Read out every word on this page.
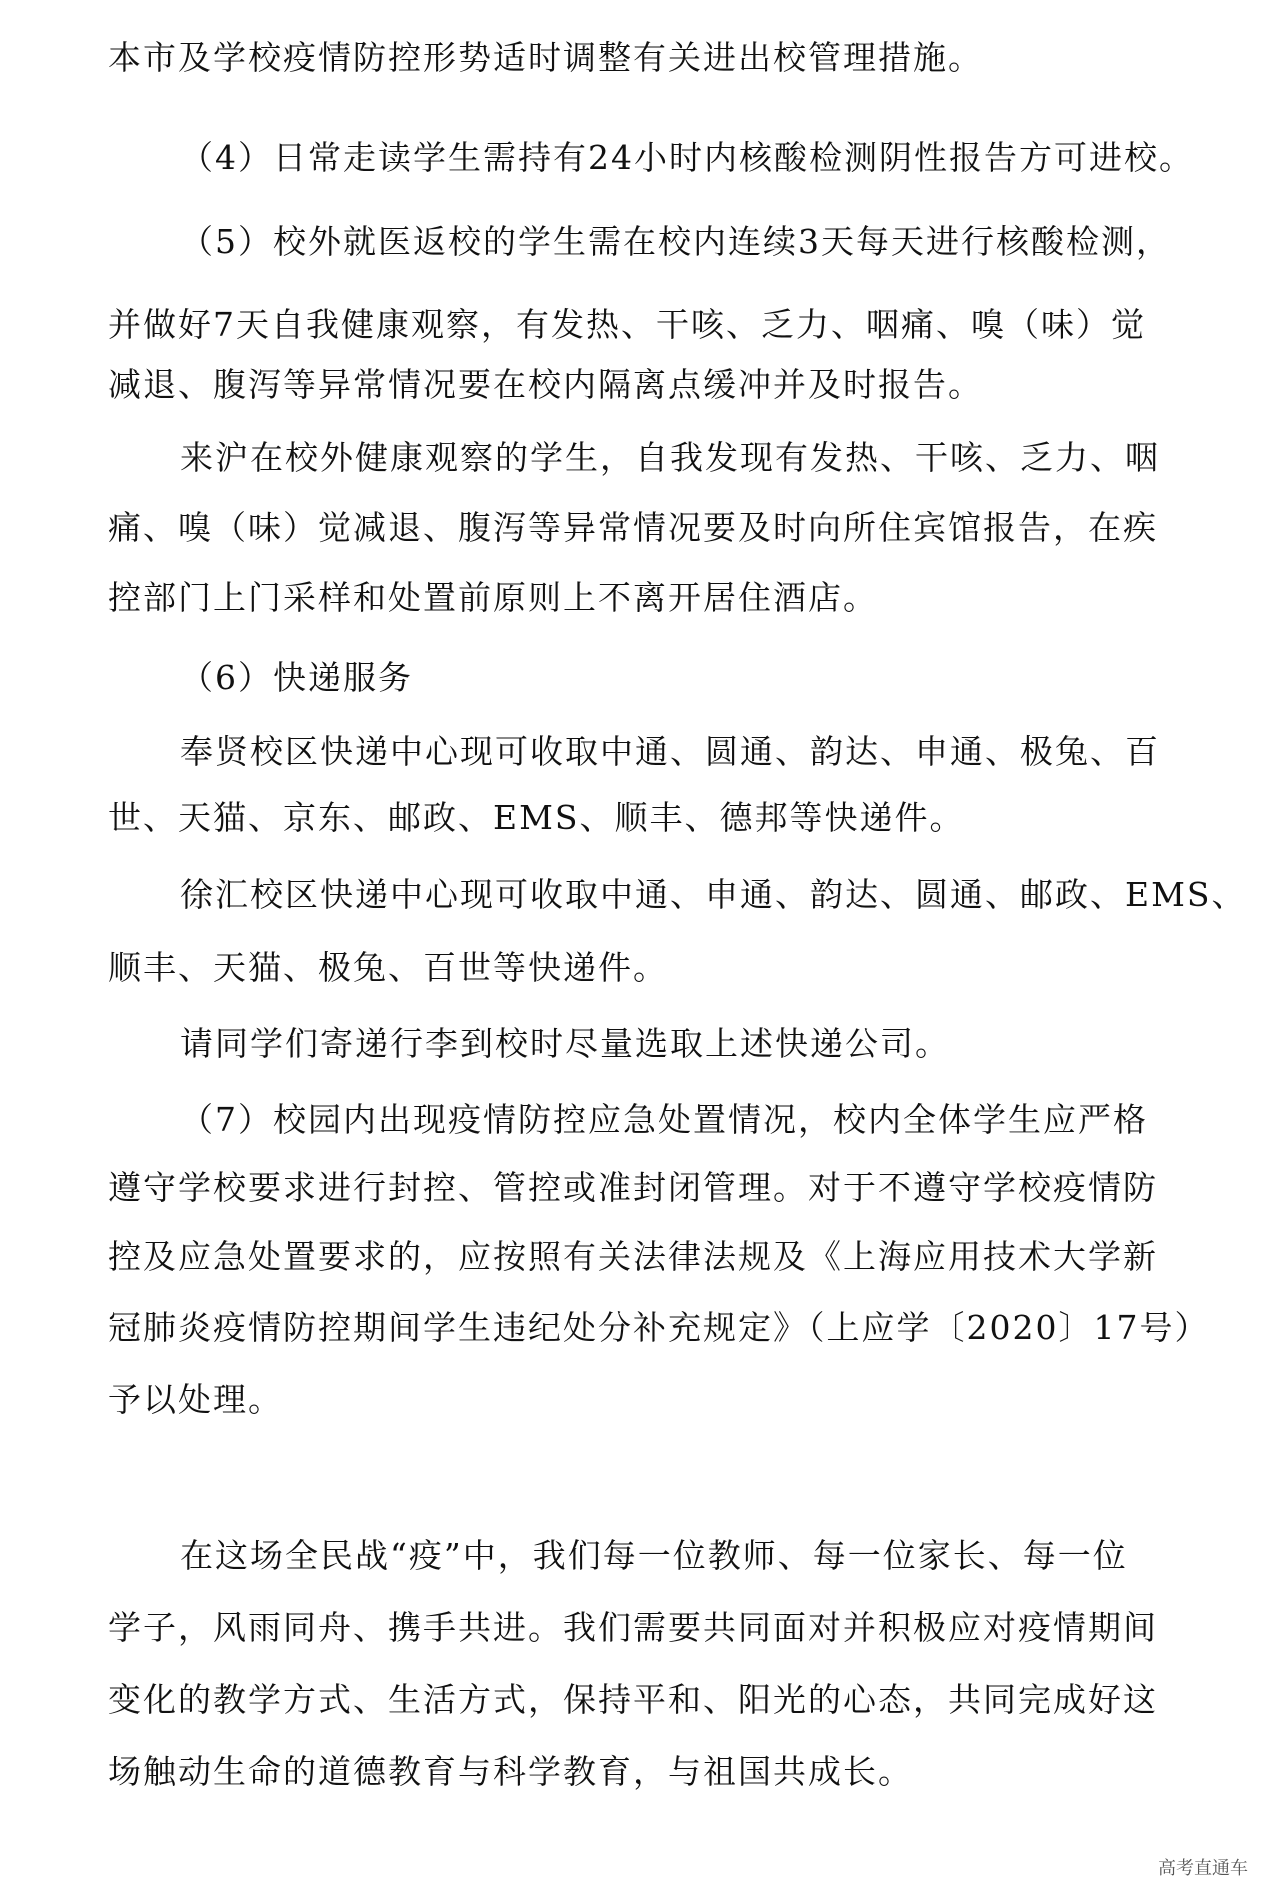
本市及学校疫情防控形势适时调整有关进出校管理措施。
（4）日常走读学生需持有24小时内核酸检测阴性报告方可进校。
（5）校外就医返校的学生需在校内连续3天每天进行核酸检测，
并做好7天自我健康观察，有发热、干咳、乏力、咽痛、嗅（味）觉
减退、腹泻等异常情况要在校内隔离点缓冲并及时报告。
来沪在校外健康观察的学生，自我发现有发热、干咳、乏力、咽
痛、嗅（味）觉减退、腹泻等异常情况要及时向所住宾馆报告，在疾
控部门上门采样和处置前原则上不离开居住酒店。
（6）快递服务
奉贤校区快递中心现可收取中通、圆通、韵达、申通、极兔、百
世、天猫、京东、邮政、EMS、顺丰、德邦等快递件。
徐汇校区快递中心现可收取中通、申通、韵达、圆通、邮政、EMS、
顺丰、天猫、极兔、百世等快递件。
请同学们寄递行李到校时尽量选取上述快递公司。
（7）校园内出现疫情防控应急处置情况，校内全体学生应严格
遵守学校要求进行封控、管控或准封闭管理。对于不遵守学校疫情防
控及应急处置要求的，应按照有关法律法规及《上海应用技术大学新
冠肺炎疫情防控期间学生违纪处分补充规定》（上应学〔2020〕17号）
予以处理。
在这场全民战“疫”中，我们每一位教师、每一位家长、每一位
学子，风雨同舟、携手共进。我们需要共同面对并积极应对疫情期间
变化的教学方式、生活方式，保持平和、阳光的心态，共同完成好这
场触动生命的道德教育与科学教育，与祖国共成长。
高考直通车
